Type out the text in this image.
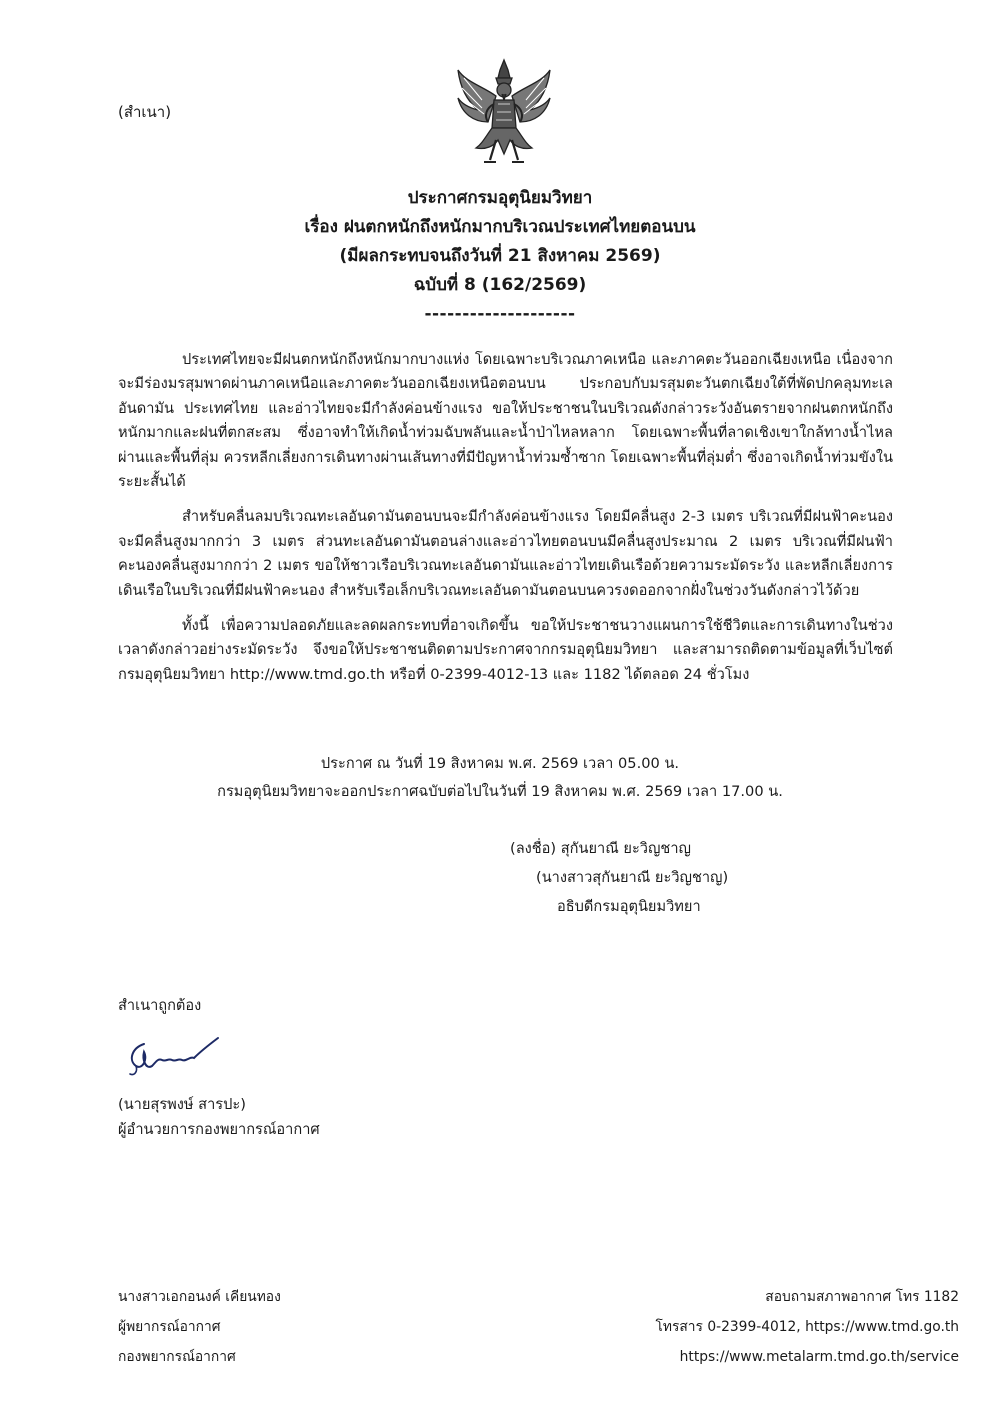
(สำเนา)
ประกาศกรมอุตุนิยมวิทยา
เรื่อง ฝนตกหนักถึงหนักมากบริเวณประเทศไทยตอนบน
(มีผลกระทบจนถึงวันที่ 21 สิงหาคม 2569)
ฉบับที่ 8 (162/2569)
--------------------

ประเทศไทยจะมีฝนตกหนักถึงหนักมากบางแห่ง โดยเฉพาะบริเวณภาคเหนือ และภาคตะวันออกเฉียงเหนือ เนื่องจากจะมีร่องมรสุมพาดผ่านภาคเหนือและภาคตะวันออกเฉียงเหนือตอนบน ประกอบกับมรสุมตะวันตกเฉียงใต้ที่พัดปกคลุมทะเลอันดามัน ประเทศไทย และอ่าวไทยจะมีกำลังค่อนข้างแรง ขอให้ประชาชนในบริเวณดังกล่าวระวังอันตรายจากฝนตกหนักถึงหนักมากและฝนที่ตกสะสม ซึ่งอาจทำให้เกิดน้ำท่วมฉับพลันและน้ำป่าไหลหลาก โดยเฉพาะพื้นที่ลาดเชิงเขาใกล้ทางน้ำไหลผ่านและพื้นที่ลุ่ม ควรหลีกเลี่ยงการเดินทางผ่านเส้นทางที่มีปัญหาน้ำท่วมซ้ำซาก โดยเฉพาะพื้นที่ลุ่มต่ำ ซึ่งอาจเกิดน้ำท่วมขังในระยะสั้นได้

สำหรับคลื่นลมบริเวณทะเลอันดามันตอนบนจะมีกำลังค่อนข้างแรง โดยมีคลื่นสูง 2-3 เมตร บริเวณที่มีฝนฟ้าคะนองจะมีคลื่นสูงมากกว่า 3 เมตร ส่วนทะเลอันดามันตอนล่างและอ่าวไทยตอนบนมีคลื่นสูงประมาณ 2 เมตร บริเวณที่มีฝนฟ้าคะนองคลื่นสูงมากกว่า 2 เมตร ขอให้ชาวเรือบริเวณทะเลอันดามันและอ่าวไทยเดินเรือด้วยความระมัดระวัง และหลีกเลี่ยงการเดินเรือในบริเวณที่มีฝนฟ้าคะนอง สำหรับเรือเล็กบริเวณทะเลอันดามันตอนบนควรงดออกจากฝั่งในช่วงวันดังกล่าวไว้ด้วย

ทั้งนี้ เพื่อความปลอดภัยและลดผลกระทบที่อาจเกิดขึ้น ขอให้ประชาชนวางแผนการใช้ชีวิตและการเดินทางในช่วงเวลาดังกล่าวอย่างระมัดระวัง จึงขอให้ประชาชนติดตามประกาศจากกรมอุตุนิยมวิทยา และสามารถติดตามข้อมูลที่เว็บไซต์กรมอุตุนิยมวิทยา http://www.tmd.go.th หรือที่ 0-2399-4012-13 และ 1182 ได้ตลอด 24 ชั่วโมง

ประกาศ ณ วันที่ 19 สิงหาคม พ.ศ. 2569 เวลา 05.00 น.
กรมอุตุนิยมวิทยาจะออกประกาศฉบับต่อไปในวันที่ 19 สิงหาคม พ.ศ. 2569 เวลา 17.00 น.
(ลงชื่อ) สุกันยาณี ยะวิญชาญ
(นางสาวสุกันยาณี ยะวิญชาญ)
อธิบดีกรมอุตุนิยมวิทยา
สำเนาถูกต้อง
(นายสุรพงษ์ สารปะ)
ผู้อำนวยการกองพยากรณ์อากาศ
นางสาวเอกอนงค์ เคียนทอง
ผู้พยากรณ์อากาศ
กองพยากรณ์อากาศ
สอบถามสภาพอากาศ โทร 1182
โทรสาร 0-2399-4012, https://www.tmd.go.th
https://www.metalarm.tmd.go.th/service
